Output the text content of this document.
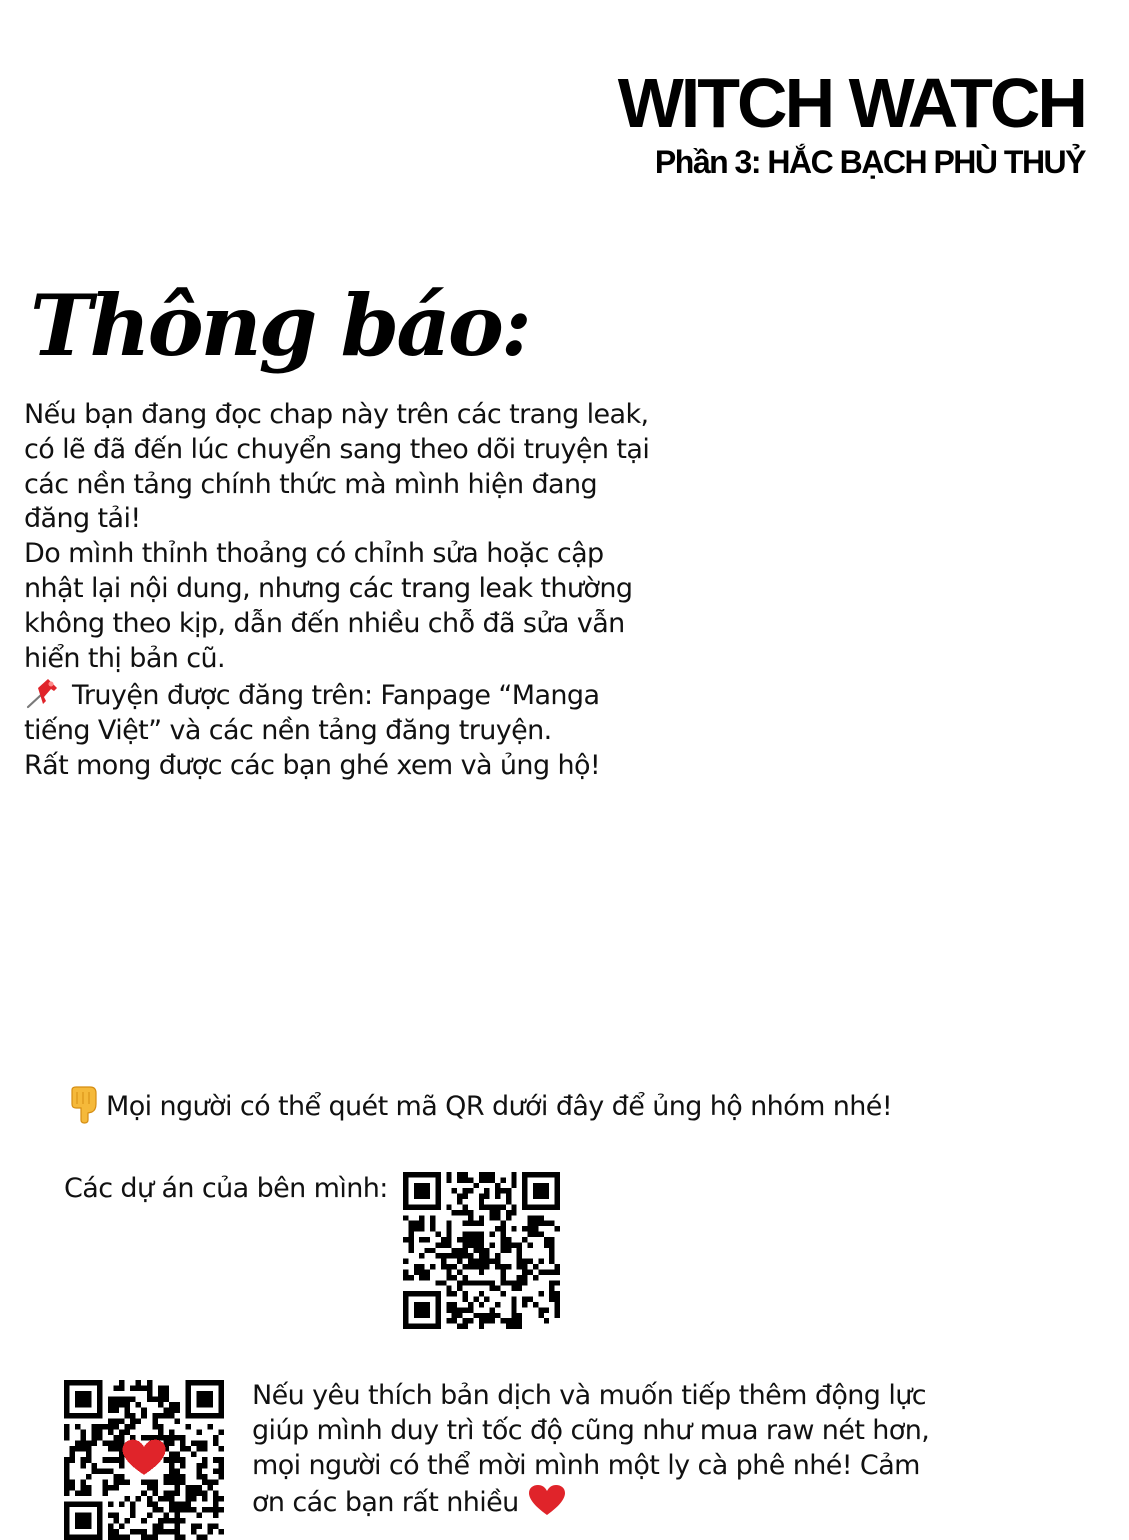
WITCH WATCH
Phần 3: HẮC BẠCH PHÙ THUỶ
Thông báo:

Nếu bạn đang đọc chap này trên các trang leak,

có lẽ đã đến lúc chuyển sang theo dõi truyện tại

các nền tảng chính thức mà mình hiện đang

đăng tải!

Do mình thỉnh thoảng có chỉnh sửa hoặc cập

nhật lại nội dung, nhưng các trang leak thường

không theo kịp, dẫn đến nhiều chỗ đã sửa vẫn

hiển thị bản cũ.

Truyện được đăng trên: Fanpage “Manga

tiếng Việt” và các nền tảng đăng truyện.

Rất mong được các bạn ghé xem và ủng hộ!

Mọi người có thể quét mã QR dưới đây để ủng hộ nhóm nhé!
Các dự án của bên mình:
Nếu yêu thích bản dịch và muốn tiếp thêm động lực
giúp mình duy trì tốc độ cũng như mua raw nét hơn,
mọi người có thể mời mình một ly cà phê nhé! Cảm
ơn các bạn rất nhiều
